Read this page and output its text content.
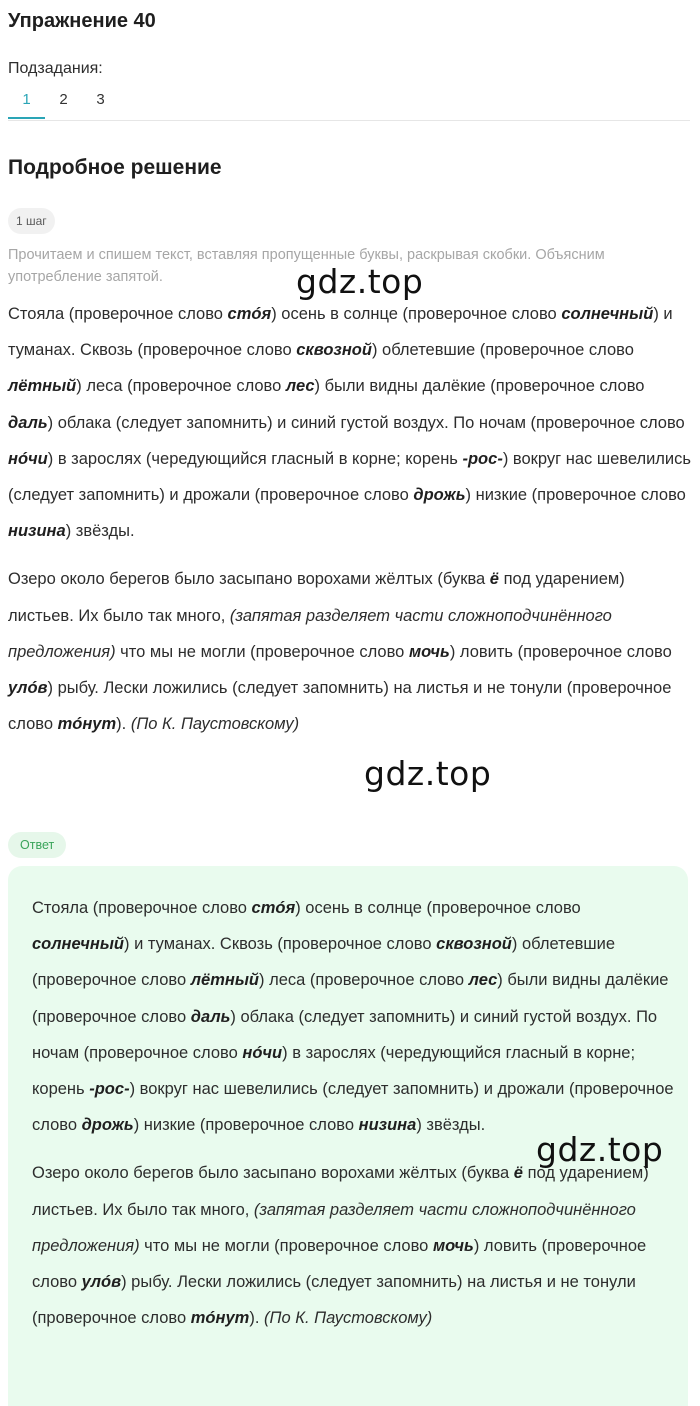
Упражнение 40
Подзадания:
1	2	3
Подробное решение
1 шаг
Прочитаем и спишем текст, вставляя пропущенные буквы, раскрывая скобки. Объясним употребление запятой.

Стояла (проверочное слово стóя) осень в солнце (проверочное слово солнечный) и туманах. Сквозь (проверочное слово сквозной) облетевшие (проверочное слово лётный) леса (проверочное слово лес) были видны далёкие (проверочное слово даль) облака (следует запомнить) и синий густой воздух. По ночам (проверочное слово нóчи) в зарослях (чередующийся гласный в корне; корень -рос-) вокруг нас шевелились (следует запомнить) и дрожали (проверочное слово дрожь) низкие (проверочное слово низина) звёзды.

Озеро около берегов было засыпано ворохами жёлтых (буква ё под ударением) листьев. Их было так много, (запятая разделяет части сложноподчинённого предложения) что мы не могли (проверочное слово мочь) ловить (проверочное слово улóв) рыбу. Лески ложились (следует запомнить) на листья и не тонули (проверочное слово тóнут). (По К. Паустовскому)

Ответ

Стояла (проверочное слово стóя) осень в солнце (проверочное слово солнечный) и туманах. Сквозь (проверочное слово сквозной) облетевшие (проверочное слово лётный) леса (проверочное слово лес) были видны далёкие (проверочное слово даль) облака (следует запомнить) и синий густой воздух. По ночам (проверочное слово нóчи) в зарослях (чередующийся гласный в корне; корень -рос-) вокруг нас шевелились (следует запомнить) и дрожали (проверочное слово дрожь) низкие (проверочное слово низина) звёзды.

Озеро около берегов было засыпано ворохами жёлтых (буква ё под ударением) листьев. Их было так много, (запятая разделяет части сложноподчинённого предложения) что мы не могли (проверочное слово мочь) ловить (проверочное слово улóв) рыбу. Лески ложились (следует запомнить) на листья и не тонули (проверочное слово тóнут). (По К. Паустовскому)

gdz.top
gdz.top
gdz.top
